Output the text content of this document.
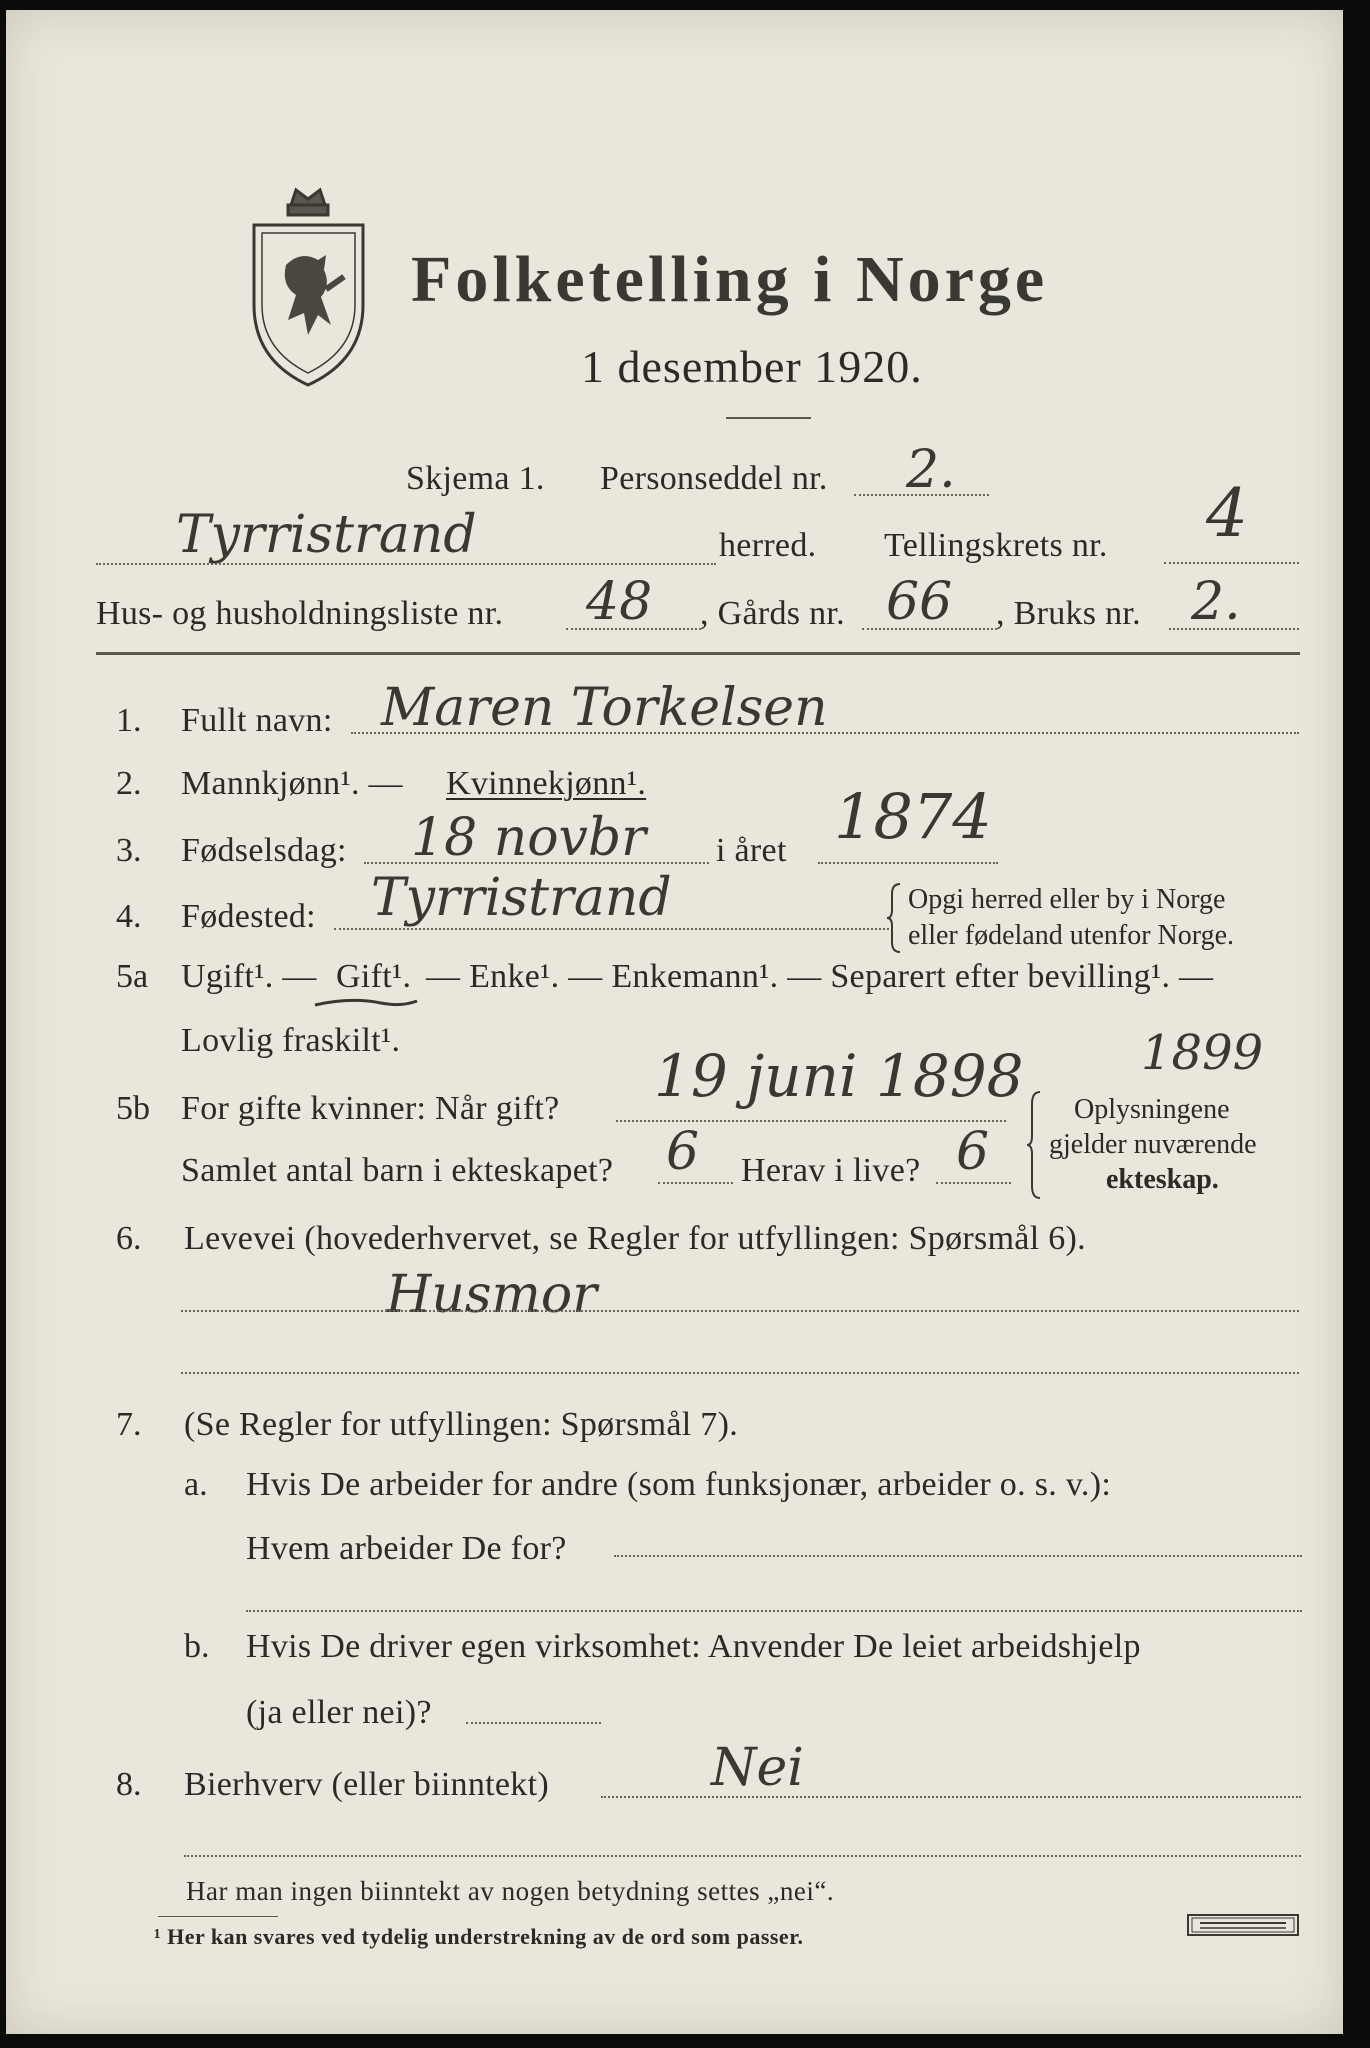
Folketelling i Norge
1 desember 1920.
Skjema 1. Personseddel nr. 2.
Tyrristrand	herred. Tellingskrets nr. 4
Hus- og husholdningsliste nr. 48 , Gårds nr. 66 , Bruks nr. 2.
1. Fullt navn: Maren Torkelsen
2. Mannkjønn¹. — Kvinnekjønn¹.
3. Fødselsdag: 18 novbr i året 1874
4. Fødested: Tyrristrand	Opgi herred eller by i Norge
eller fødeland utenfor Norge.
5a Ugift¹. — Gift¹. — Enke¹. — Enkemann¹. — Separert efter bevilling¹. —
Lovlig fraskilt¹.
5b For gifte kvinner: Når gift? 19 juni 1898 1899
Samlet antal barn i ekteskapet? 6 Herav i live? 6
Oplysningene
gjelder nuværende
ekteskap.
6. Levevei (hovederhvervet, se Regler for utfyllingen: Spørsmål 6).
Husmor
7. (Se Regler for utfyllingen: Spørsmål 7).
a. Hvis De arbeider for andre (som funksjonær, arbeider o. s. v.):
Hvem arbeider De for?
b. Hvis De driver egen virksomhet: Anvender De leiet arbeidshjelp
(ja eller nei)?
8. Bierhverv (eller biinntekt)	Nei
Har man ingen biinntekt av nogen betydning settes „nei“.
¹ Her kan svares ved tydelig understrekning av de ord som passer.
